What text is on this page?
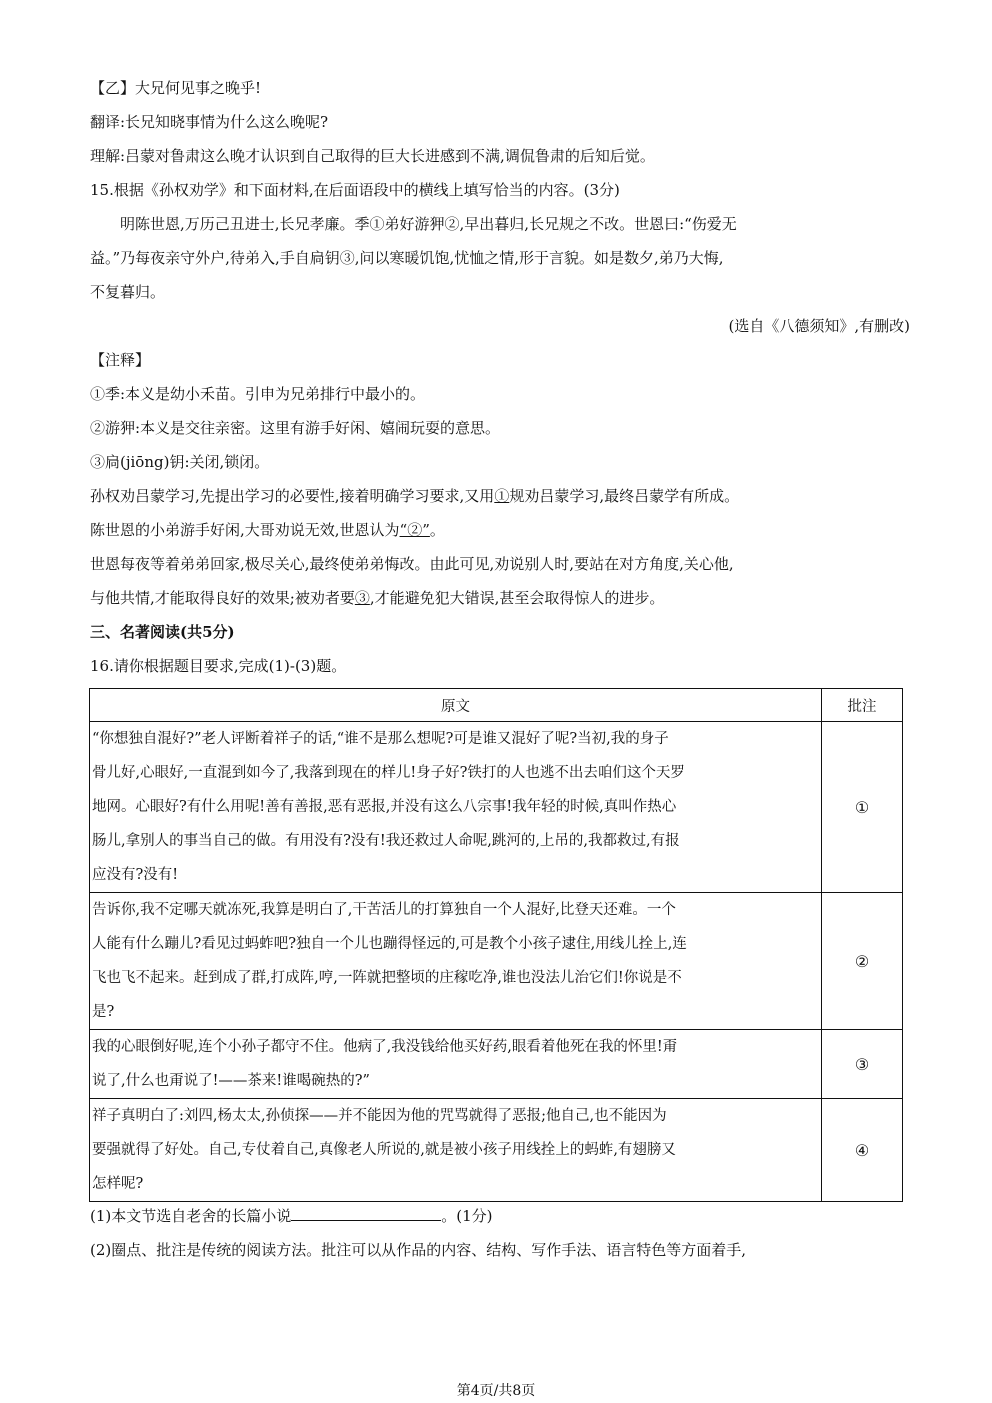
【乙】大兄何见事之晚乎!
翻译:长兄知晓事情为什么这么晚呢?
理解:吕蒙对鲁肃这么晚才认识到自己取得的巨大长进感到不满,调侃鲁肃的后知后觉。
15.根据《孙权劝学》和下面材料,在后面语段中的横线上填写恰当的内容。(3分)
明陈世恩,万历己丑进士,长兄孝廉。季①弟好游狎②,早出暮归,长兄规之不改。世恩曰:“伤爱无
益。”乃每夜亲守外户,待弟入,手自扃钥③,问以寒暖饥饱,忧恤之情,形于言貌。如是数夕,弟乃大悔,
不复暮归。
(选自《八德须知》,有删改)
【注释】
①季:本义是幼小禾苗。引申为兄弟排行中最小的。
②游狎:本义是交往亲密。这里有游手好闲、嬉闹玩耍的意思。
③扃(jiōng)钥:关闭,锁闭。
孙权劝吕蒙学习,先提出学习的必要性,接着明确学习要求,又用①规劝吕蒙学习,最终吕蒙学有所成。
陈世恩的小弟游手好闲,大哥劝说无效,世恩认为“②”。
世恩每夜等着弟弟回家,极尽关心,最终使弟弟悔改。由此可见,劝说别人时,要站在对方角度,关心他,
与他共情,才能取得良好的效果;被劝者要③,才能避免犯大错误,甚至会取得惊人的进步。
三、名著阅读(共5分)
16.请你根据题目要求,完成(1)-(3)题。
原文	批注

“你想独自混好?”老人评断着祥子的话,“谁不是那么想呢?可是谁又混好了呢?当初,我的身子
骨儿好,心眼好,一直混到如今了,我落到现在的样儿!身子好?铁打的人也逃不出去咱们这个天罗
地网。心眼好?有什么用呢!善有善报,恶有恶报,并没有这么八宗事!我年轻的时候,真叫作热心
肠儿,拿别人的事当自己的做。有用没有?没有!我还救过人命呢,跳河的,上吊的,我都救过,有报
应没有?没有!	①

告诉你,我不定哪天就冻死,我算是明白了,干苦活儿的打算独自一个人混好,比登天还难。一个
人能有什么蹦儿?看见过蚂蚱吧?独自一个儿也蹦得怪远的,可是教个小孩子逮住,用线儿拴上,连
飞也飞不起来。赶到成了群,打成阵,哼,一阵就把整顷的庄稼吃净,谁也没法儿治它们!你说是不
是?	②

我的心眼倒好呢,连个小孙子都守不住。他病了,我没钱给他买好药,眼看着他死在我的怀里!甭
说了,什么也甭说了!——茶来!谁喝碗热的?”	③

祥子真明白了:刘四,杨太太,孙侦探——并不能因为他的咒骂就得了恶报;他自己,也不能因为
要强就得了好处。自己,专仗着自己,真像老人所说的,就是被小孩子用线拴上的蚂蚱,有翅膀又
怎样呢?	④
(1)本文节选自老舍的长篇小说	。(1分)
(2)圈点、批注是传统的阅读方法。批注可以从作品的内容、结构、写作手法、语言特色等方面着手,
第4页/共8页
